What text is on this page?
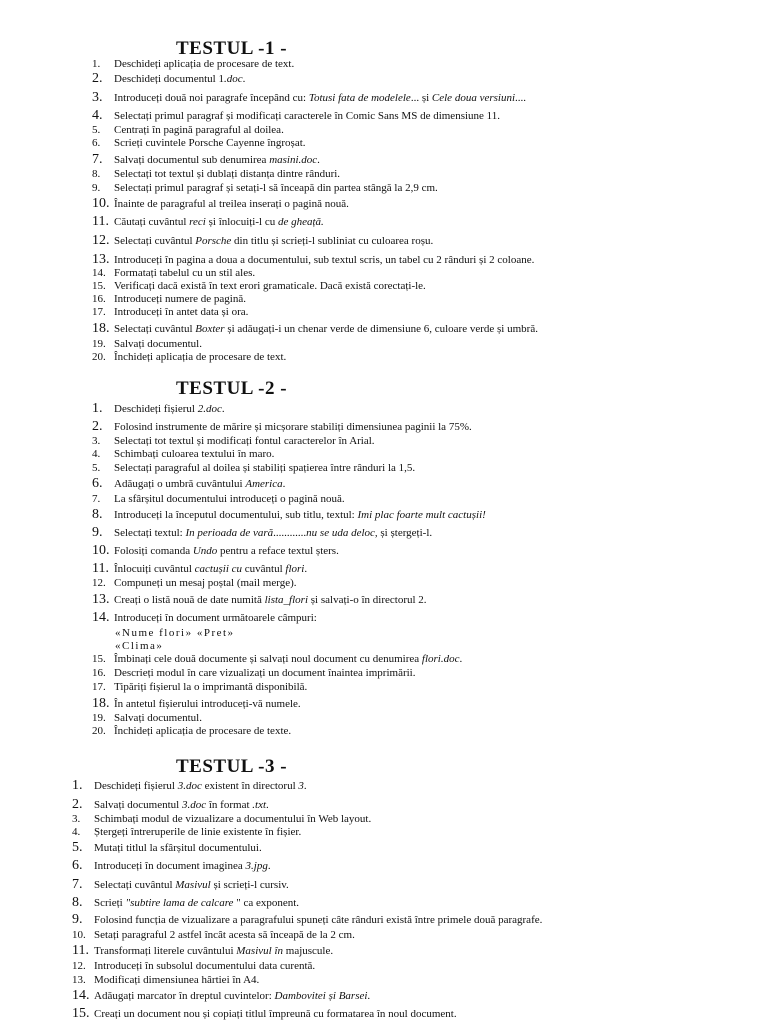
TESTUL -1 -
1. Deschideți aplicația de procesare de text.
2. Deschideți documentul 1.doc.
3. Introduceți două noi paragrafe începând cu: Totusi fata de modelele... și Cele doua versiuni....
4. Selectați primul paragraf și modificați caracterele în Comic Sans MS de dimensiune 11.
5. Centrați în pagină paragraful al doilea.
6. Scrieți cuvintele Porsche Cayenne îngroșat.
7. Salvați documentul sub denumirea masini.doc.
8. Selectați tot textul și dublați distanța dintre rânduri.
9. Selectați primul paragraf și setați-l să înceapă din partea stângă la 2,9 cm.
10. Înainte de paragraful al treilea inserați o pagină nouă.
11. Căutați cuvântul reci și înlocuiți-l cu de gheață.
12. Selectați cuvântul Porsche din titlu și scrieți-l subliniat cu culoarea roșu.
13. Introduceți în pagina a doua a documentului, sub textul scris, un tabel cu 2 rânduri și 2 coloane.
14. Formatați tabelul cu un stil ales.
15. Verificați dacă există în text erori gramaticale. Dacă există corectați-le.
16. Introduceți numere de pagină.
17. Introduceți în antet data și ora.
18. Selectați cuvântul Boxter și adăugați-i un chenar verde de dimensiune 6, culoare verde și umbră.
19. Salvați documentul.
20. Închideți aplicația de procesare de text.
TESTUL -2 -
1. Deschideți fișierul 2.doc.
2. Folosind instrumente de mărire și micșorare stabiliți dimensiunea paginii la 75%.
3. Selectați tot textul și modificați fontul caracterelor în Arial.
4. Schimbați culoarea textului în maro.
5. Selectați paragraful al doilea și stabiliți spațierea între rânduri la 1,5.
6. Adăugați o umbră cuvântului America.
7. La sfârșitul documentului introduceți o pagină nouă.
8. Introduceți la începutul documentului, sub titlu, textul: Imi plac foarte mult cactușii!
9. Selectați textul: In perioada de vară............nu se uda deloc, și ștergeți-l.
10. Folosiți comanda Undo pentru a reface textul șters.
11. Înlocuiți cuvântul cactușii cu cuvântul flori.
12. Compuneți un mesaj poștal (mail merge).
13. Creați o listă nouă de date numită lista_flori și salvați-o în directorul 2.
14. Introduceți în document următoarele câmpuri:
«Nume flori» «Pret»
«Clima»
15. Îmbinați cele două documente și salvați noul document cu denumirea flori.doc.
16. Descrieți modul în care vizualizați un document înaintea imprimării.
17. Tipăriți fișierul la o imprimantă disponibilă.
18. În antetul fișierului introduceți-vă numele.
19. Salvați documentul.
20. Închideți aplicația de procesare de texte.
TESTUL -3 -
1. Deschideți fișierul 3.doc existent în directorul 3.
2. Salvați documentul 3.doc în format .txt.
3. Schimbați modul de vizualizare a documentului în Web layout.
4. Ștergeți întreruperile de linie existente în fișier.
5. Mutați titlul la sfârșitul documentului.
6. Introduceți în document imaginea 3.jpg.
7. Selectați cuvântul Masivul și scrieți-l cursiv.
8. Scrieți "subtire lama de calcare " ca exponent.
9. Folosind funcția de vizualizare a paragrafului spuneți câte rânduri există între primele două paragrafe.
10. Setați paragraful 2 astfel încât acesta să înceapă de la 2 cm.
11. Transformați literele cuvântului Masivul în majuscule.
12. Introduceți în subsolul documentului data curentă.
13. Modificați dimensiunea hârtiei în A4.
14. Adăugați marcator în dreptul cuvintelor: Dambovitei și Barsei.
15. Creați un document nou și copiați titlul împreună cu formatarea în noul document.
